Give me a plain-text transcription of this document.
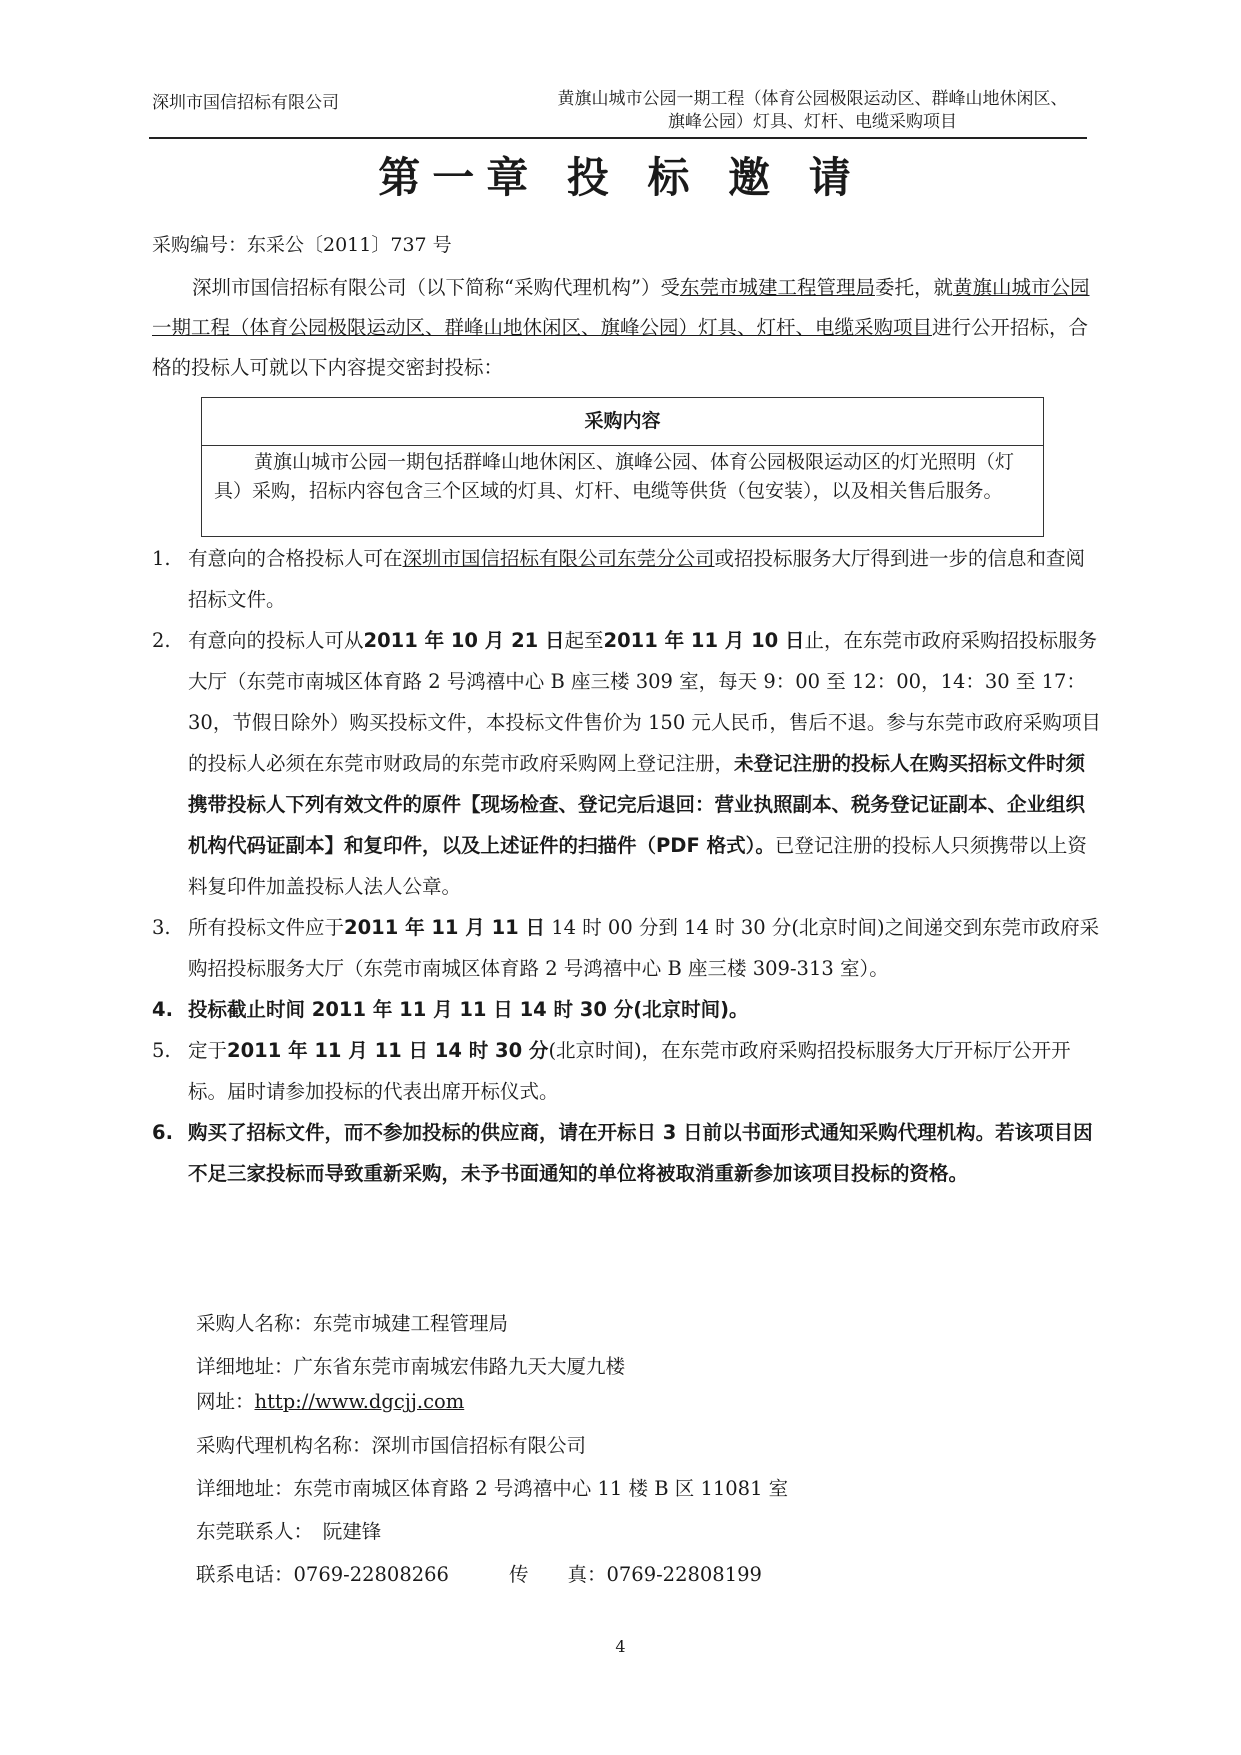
深圳市国信招标有限公司	黄旗山城市公园一期工程（体育公园极限运动区、群峰山地休闲区、
旗峰公园）灯具、灯杆、电缆采购项目
第一章 投 标 邀 请
采购编号：东采公〔2011〕737 号
深圳市国信招标有限公司（以下简称“采购代理机构”）受东莞市城建工程管理局委托，就黄旗山城市公园一期工程（体育公园极限运动区、群峰山地休闲区、旗峰公园）灯具、灯杆、电缆采购项目进行公开招标，合格的投标人可就以下内容提交密封投标：
采购内容
黄旗山城市公园一期包括群峰山地休闲区、旗峰公园、体育公园极限运动区的灯光照明（灯具）采购，招标内容包含三个区域的灯具、灯杆、电缆等供货（包安装），以及相关售后服务。
1. 有意向的合格投标人可在深圳市国信招标有限公司东莞分公司或招投标服务大厅得到进一步的信息和查阅招标文件。
2. 有意向的投标人可从2011 年 10 月 21 日起至2011 年 11 月 10 日止，在东莞市政府采购招投标服务大厅（东莞市南城区体育路 2 号鸿禧中心 B 座三楼 309 室，每天 9：00 至 12：00，14：30 至 17：30，节假日除外）购买投标文件，本投标文件售价为 150 元人民币，售后不退。参与东莞市政府采购项目的投标人必须在东莞市财政局的东莞市政府采购网上登记注册，未登记注册的投标人在购买招标文件时须携带投标人下列有效文件的原件【现场检查、登记完后退回：营业执照副本、税务登记证副本、企业组织机构代码证副本】和复印件，以及上述证件的扫描件（PDF 格式）。已登记注册的投标人只须携带以上资料复印件加盖投标人法人公章。
3. 所有投标文件应于2011 年 11 月 11 日 14 时 00 分到 14 时 30 分(北京时间)之间递交到东莞市政府采购招投标服务大厅（东莞市南城区体育路 2 号鸿禧中心 B 座三楼 309-313 室）。
4. 投标截止时间 2011 年 11 月 11 日 14 时 30 分(北京时间)。
5. 定于2011 年 11 月 11 日 14 时 30 分(北京时间)，在东莞市政府采购招投标服务大厅开标厅公开开标。届时请参加投标的代表出席开标仪式。
6. 购买了招标文件，而不参加投标的供应商，请在开标日 3 日前以书面形式通知采购代理机构。若该项目因不足三家投标而导致重新采购，未予书面通知的单位将被取消重新参加该项目投标的资格。
采购人名称：东莞市城建工程管理局
详细地址：广东省东莞市南城宏伟路九天大厦九楼
网址：http://www.dgcjj.com
采购代理机构名称：深圳市国信招标有限公司
详细地址：东莞市南城区体育路 2 号鸿禧中心 11 楼 B 区 11081 室
东莞联系人：　阮建锋
联系电话：0769-22808266	传　　真：0769-22808199
4
